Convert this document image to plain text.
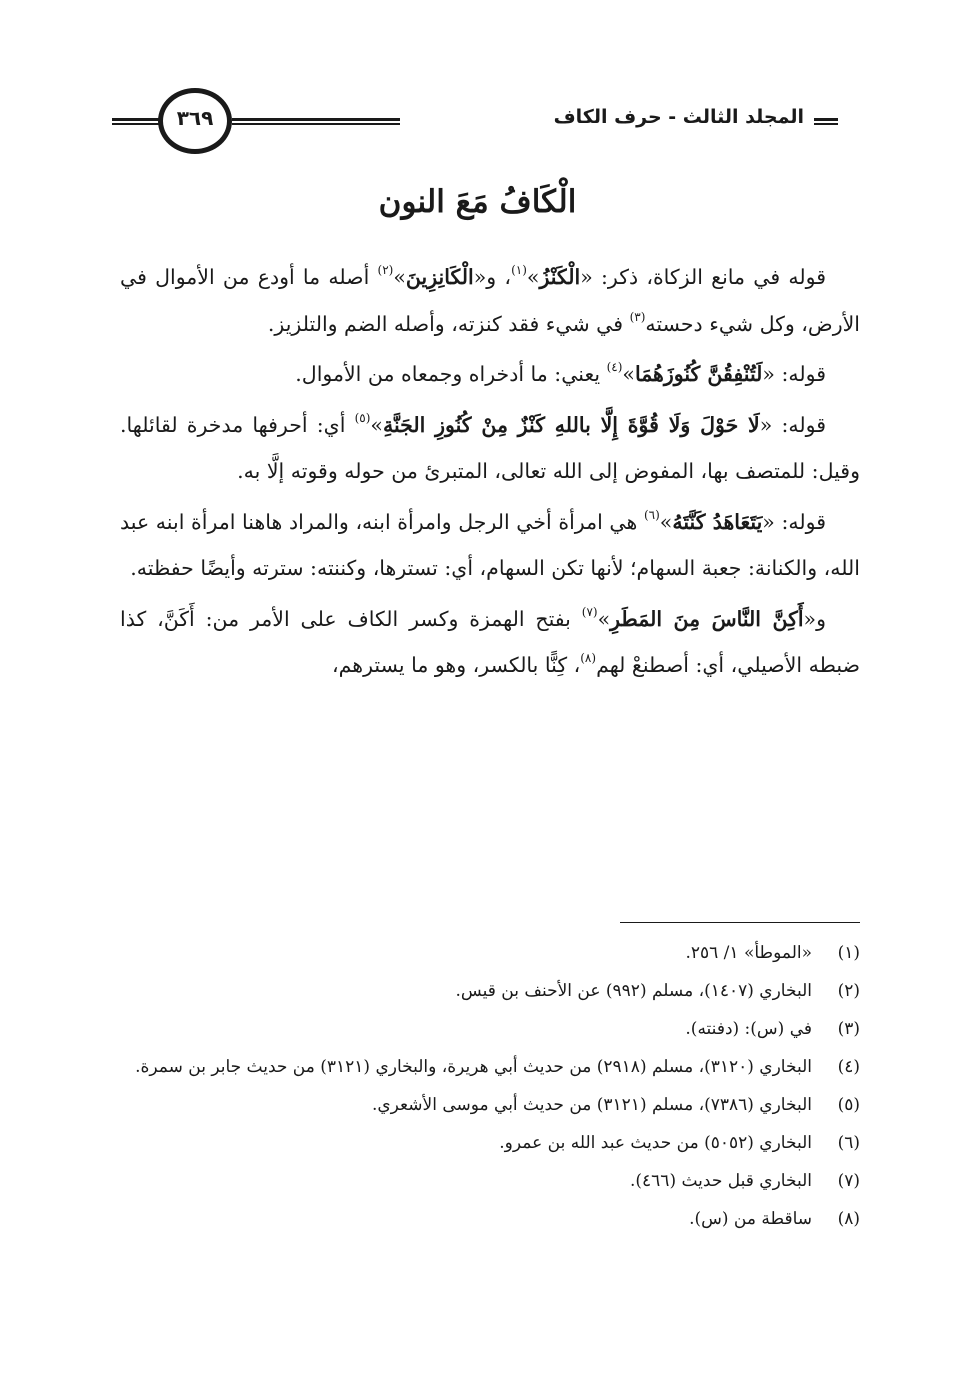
المجلد الثالث - حرف الكاف
٣٦٩
الْكَافُ مَعَ النون

قوله في مانع الزكاة، ذكر: «الْكَنْزُ»$^{(١)}$، و«الْكَانِزِينَ»$^{(٢)}$ أصله ما أودع من الأموال في الأرض، وكل شيء دحسته$^{(٣)}$ في شيء فقد كنزته، وأصله الضم والتلزيز.

قوله: «لَتُنْفِقُنَّ كُنُوزَهُمَا»$^{(٤)}$ يعني: ما أدخراه وجمعاه من الأموال.

قوله: «لَا حَوْلَ وَلَا قُوَّةَ إِلَّا باللهِ كَنْزٌ مِنْ كُنُوزِ الجَنَّةِ»$^{(٥)}$ أي: أحرفها مدخرة لقائلها. وقيل: للمتصف بها، المفوض إلى الله تعالى، المتبرئ من حوله وقوته إلَّا به.

قوله: «يَتَعَاهَدُ كَنَّتَهُ»$^{(٦)}$ هي امرأة أخي الرجل وامرأة ابنه، والمراد هاهنا امرأة ابنه عبد الله، والكنانة: جعبة السهام؛ لأنها تكن السهام، أي: تسترها، وكننته: سترته وأيضًا حفظته.

و«أَكِنَّ النَّاسَ مِنَ المَطَرِ»$^{(٧)}$ بفتح الهمزة وكسر الكاف على الأمر من: أَكَنَّ، كذا ضبطه الأصيلي، أي: أصطنعْ لهم$^{(٨)}$، كِنًّا بالكسر، وهو ما يسترهم،

(١)
«الموطأ» ١/ ٢٥٦.
(٢)
البخاري (١٤٠٧)، مسلم (٩٩٢) عن الأحنف بن قيس.
(٣)
في (س): (دفنته).
(٤)
البخاري (٣١٢٠)، مسلم (٢٩١٨) من حديث أبي هريرة، والبخاري (٣١٢١) من حديث جابر بن سمرة.
(٥)
البخاري (٧٣٨٦)، مسلم (٣١٢١) من حديث أبي موسى الأشعري.
(٦)
البخاري (٥٠٥٢) من حديث عبد الله بن عمرو.
(٧)
البخاري قبل حديث (٤٦٦).
(٨)
ساقطة من (س).
